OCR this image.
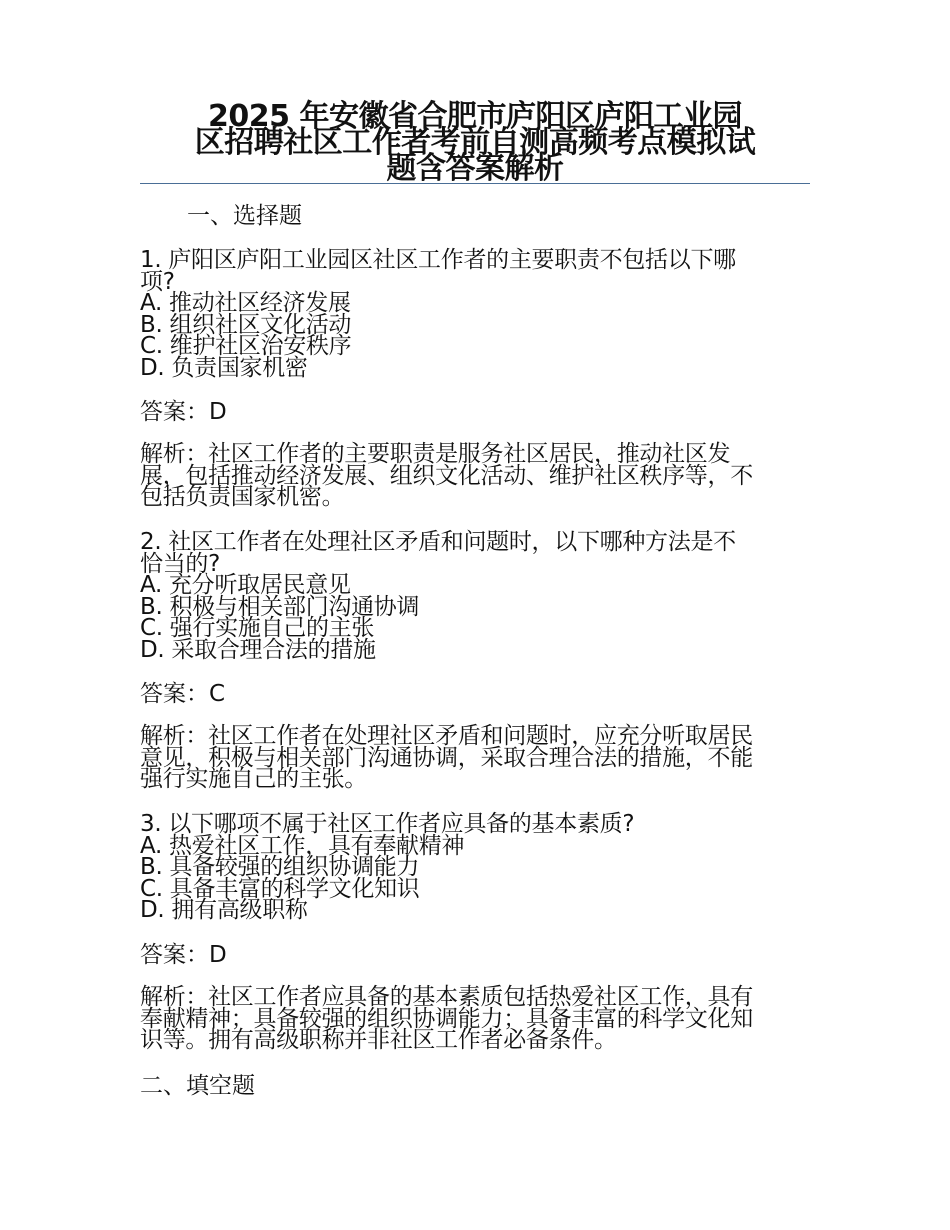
2025 年安徽省合肥市庐阳区庐阳工业园
区招聘社区工作者考前自测高频考点模拟试
题含答案解析
一、选择题
1. 庐阳区庐阳工业园区社区工作者的主要职责不包括以下哪
项?
A. 推动社区经济发展
B. 组织社区文化活动
C. 维护社区治安秩序
D. 负责国家机密
答案：D
解析：社区工作者的主要职责是服务社区居民，推动社区发
展，包括推动经济发展、组织文化活动、维护社区秩序等，不
包括负责国家机密。
2. 社区工作者在处理社区矛盾和问题时，以下哪种方法是不
恰当的?
A. 充分听取居民意见
B. 积极与相关部门沟通协调
C. 强行实施自己的主张
D. 采取合理合法的措施
答案：C
解析：社区工作者在处理社区矛盾和问题时，应充分听取居民
意见，积极与相关部门沟通协调，采取合理合法的措施，不能
强行实施自己的主张。
3. 以下哪项不属于社区工作者应具备的基本素质?
A. 热爱社区工作，具有奉献精神
B. 具备较强的组织协调能力
C. 具备丰富的科学文化知识
D. 拥有高级职称
答案：D
解析：社区工作者应具备的基本素质包括热爱社区工作，具有
奉献精神；具备较强的组织协调能力；具备丰富的科学文化知
识等。拥有高级职称并非社区工作者必备条件。
二、填空题
